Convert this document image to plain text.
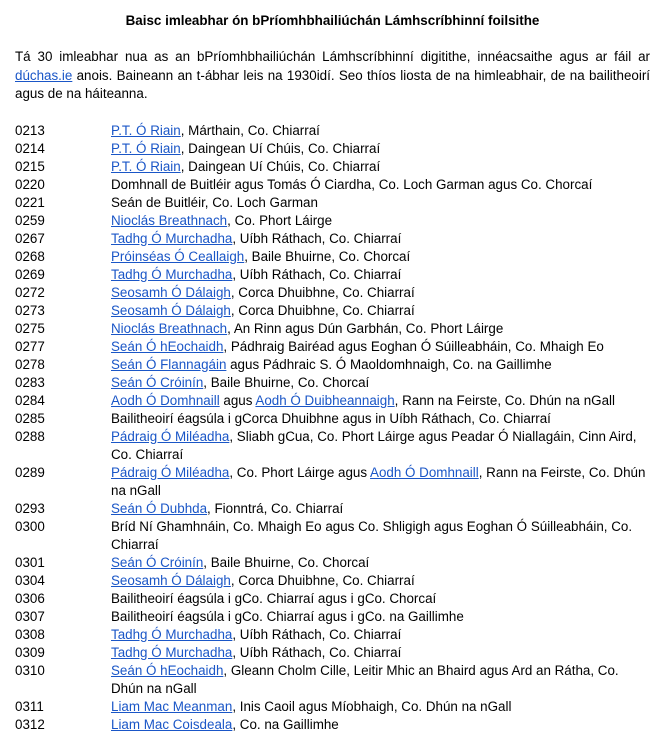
Baisc imleabhar ón bPríomhbhailiúchán Lámhscríbhinní foilsithe

Tá 30 imleabhar nua as an bPríomhbhailiúchán Lámhscríbhinní digitithe, innéacsaithe agus ar fáil ar dúchas.ie anois. Baineann an t-ábhar leis na 1930idí. Seo thíos liosta de na himleabhair, de na bailitheoirí agus de na háiteanna.

0213	P.T. Ó Riain, Márthain, Co. Chiarraí
0214	P.T. Ó Riain, Daingean Uí Chúis, Co. Chiarraí
0215	P.T. Ó Riain, Daingean Uí Chúis, Co. Chiarraí
0220	Domhnall de Buitléir agus Tomás Ó Ciardha, Co. Loch Garman agus Co. Chorcaí
0221	Seán de Buitléir, Co. Loch Garman
0259	Nioclás Breathnach, Co. Phort Láirge
0267	Tadhg Ó Murchadha, Uíbh Ráthach, Co. Chiarraí
0268	Próinséas Ó Ceallaigh, Baile Bhuirne, Co. Chorcaí
0269	Tadhg Ó Murchadha, Uíbh Ráthach, Co. Chiarraí
0272	Seosamh Ó Dálaigh, Corca Dhuibhne, Co. Chiarraí
0273	Seosamh Ó Dálaigh, Corca Dhuibhne, Co. Chiarraí
0275	Nioclás Breathnach, An Rinn agus Dún Garbhán, Co. Phort Láirge
0277	Seán Ó hEochaidh, Pádhraig Bairéad agus Eoghan Ó Súilleabháin, Co. Mhaigh Eo
0278	Seán Ó Flannagáin agus Pádhraic S. Ó Maoldomhnaigh, Co. na Gaillimhe
0283	Seán Ó Cróinín, Baile Bhuirne, Co. Chorcaí
0284	Aodh Ó Domhnaill agus Aodh Ó Duibheannaigh, Rann na Feirste, Co. Dhún na nGall
0285	Bailitheoirí éagsúla i gCorca Dhuibhne agus in Uíbh Ráthach, Co. Chiarraí
0288	Pádraig Ó Miléadha, Sliabh gCua, Co. Phort Láirge agus Peadar Ó Niallagáin, Cinn Aird, Co. Chiarraí
0289	Pádraig Ó Miléadha, Co. Phort Láirge agus Aodh Ó Domhnaill, Rann na Feirste, Co. Dhún na nGall
0293	Seán Ó Dubhda, Fionntrá, Co. Chiarraí
0300	Bríd Ní Ghamhnáin, Co. Mhaigh Eo agus Co. Shligigh agus Eoghan Ó Súilleabháin, Co. Chiarraí
0301	Seán Ó Cróinín, Baile Bhuirne, Co. Chorcaí
0304	Seosamh Ó Dálaigh, Corca Dhuibhne, Co. Chiarraí
0306	Bailitheoirí éagsúla i gCo. Chiarraí agus i gCo. Chorcaí
0307	Bailitheoirí éagsúla i gCo. Chiarraí agus i gCo. na Gaillimhe
0308	Tadhg Ó Murchadha, Uíbh Ráthach, Co. Chiarraí
0309	Tadhg Ó Murchadha, Uíbh Ráthach, Co. Chiarraí
0310	Seán Ó hEochaidh, Gleann Cholm Cille, Leitir Mhic an Bhaird agus Ard an Rátha, Co. Dhún na nGall
0311	Liam Mac Meanman, Inis Caoil agus Míobhaigh, Co. Dhún na nGall
0312	Liam Mac Coisdeala, Co. na Gaillimhe
